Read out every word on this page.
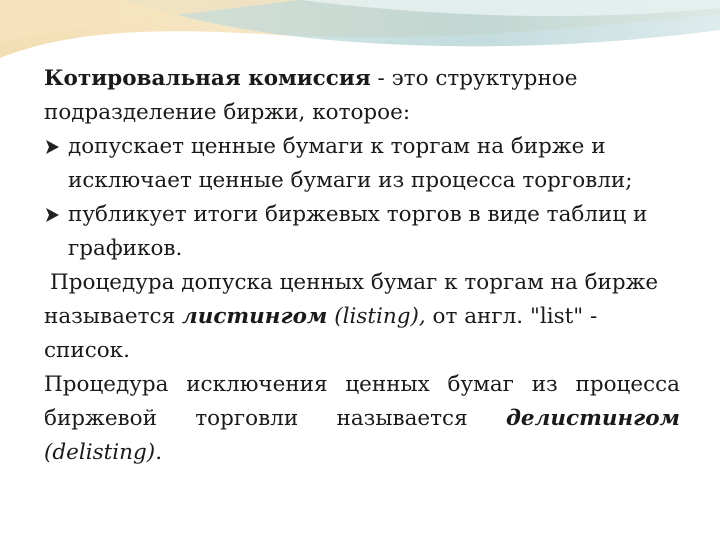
Котировальная комиссия - это структурное подразделение биржи, которое:

допускает ценные бумаги к торгам на бирже и исключает ценные бумаги из процесса торговли;
публикует итоги биржевых торгов в виде таблиц и графиков.

Процедура допуска ценных бумаг к торгам на бирже называется листингом (listing), от англ. "list" - список.

Процедура исключения ценных бумаг из процесса биржевой торговли называется делистингом (delisting).
